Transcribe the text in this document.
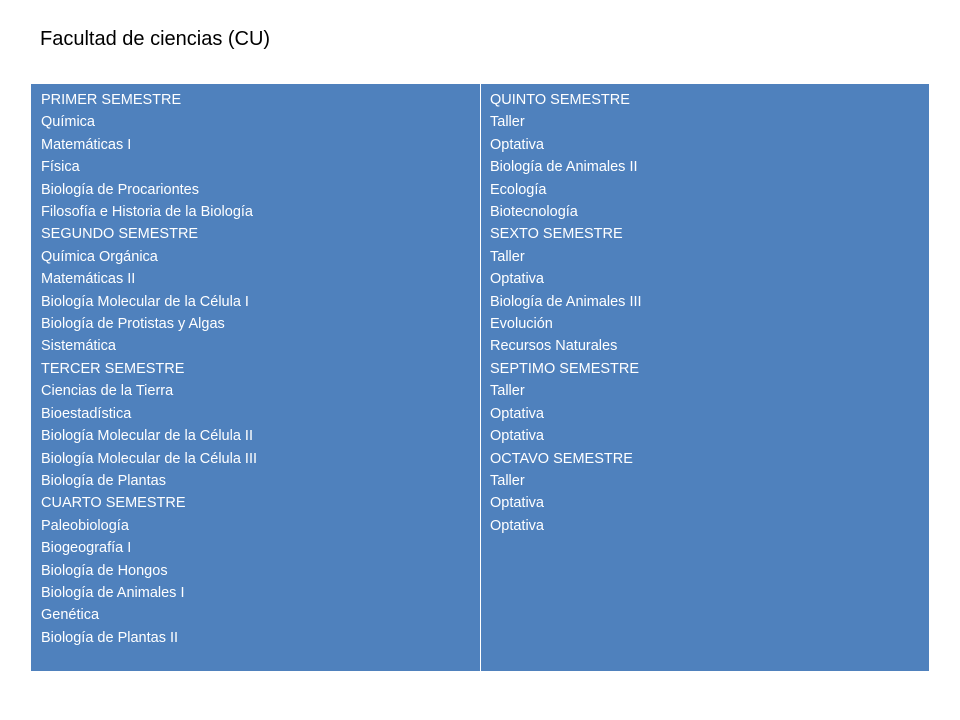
Facultad de ciencias (CU)
PRIMER SEMESTRE
Química
Matemáticas I
Física
Biología de Procariontes
Filosofía e Historia de la Biología
SEGUNDO SEMESTRE
Química Orgánica
Matemáticas II
Biología Molecular de la Célula I
Biología de Protistas y Algas
Sistemática
TERCER SEMESTRE
Ciencias de la Tierra
Bioestadística
Biología Molecular de la Célula II
Biología Molecular de la Célula III
Biología de Plantas
CUARTO SEMESTRE
Paleobiología
Biogeografía I
Biología de Hongos
Biología de Animales I
Genética
Biología de Plantas II
QUINTO SEMESTRE
Taller
Optativa
Biología de Animales II
Ecología
Biotecnología
SEXTO SEMESTRE
Taller
Optativa
Biología de Animales III
Evolución
Recursos Naturales
SEPTIMO SEMESTRE
Taller
Optativa
Optativa
OCTAVO SEMESTRE
Taller
Optativa
Optativa
